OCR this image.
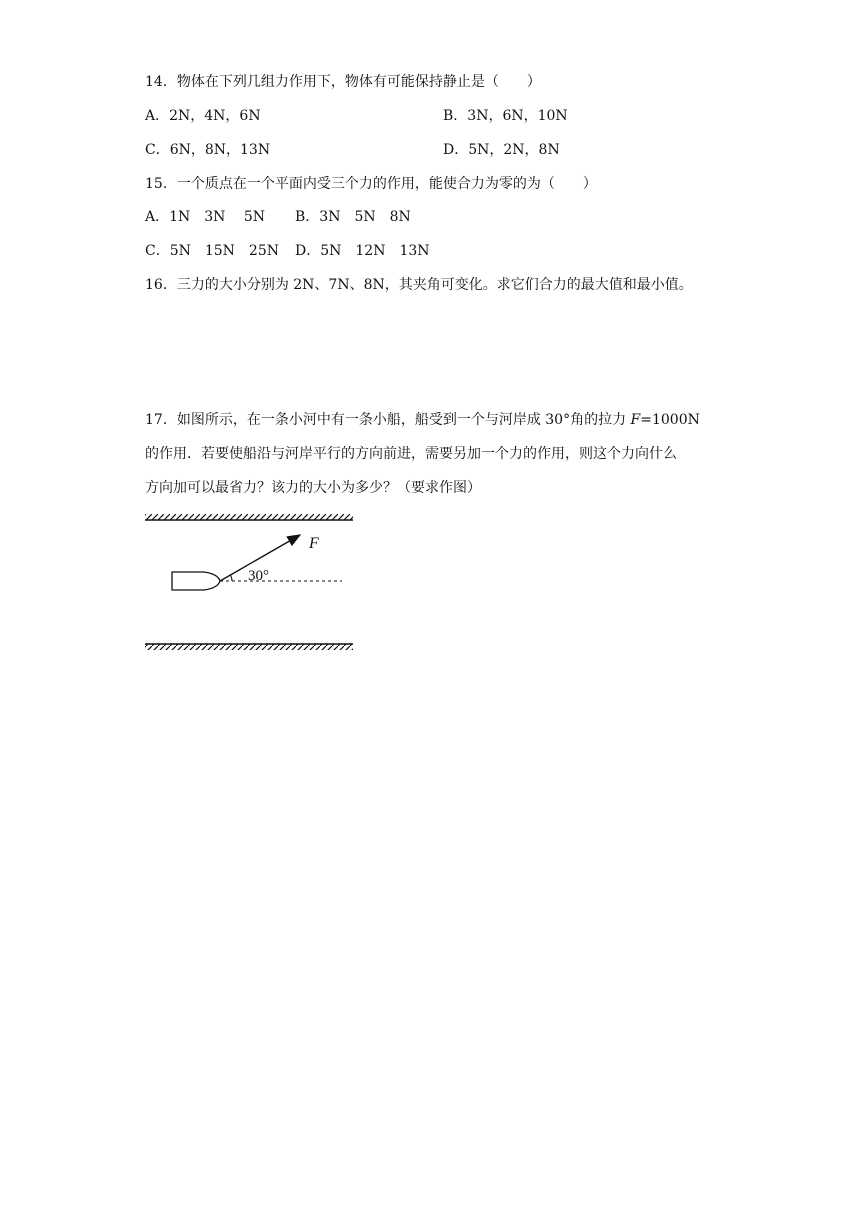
14．物体在下列几组力作用下，物体有可能保持静止是（　　）
A．2N，4N，6N	B．3N，6N，10N
C．6N，8N，13N	D．5N，2N，8N
15．一个质点在一个平面内受三个力的作用，能使合力为零的为（　　）
A．1N　3N　 5N B．3N　5N　8N
C．5N　15N　25N D．5N　12N　13N
16．三力的大小分别为 2N、7N、8N，其夹角可变化。求它们合力的最大值和最小值。
17．如图所示，在一条小河中有一条小船，船受到一个与河岸成 30°角的拉力 F=1000N
的作用．若要使船沿与河岸平行的方向前进，需要另加一个力的作用，则这个力向什么
方向加可以最省力？该力的大小为多少？（要求作图）
F
30°
